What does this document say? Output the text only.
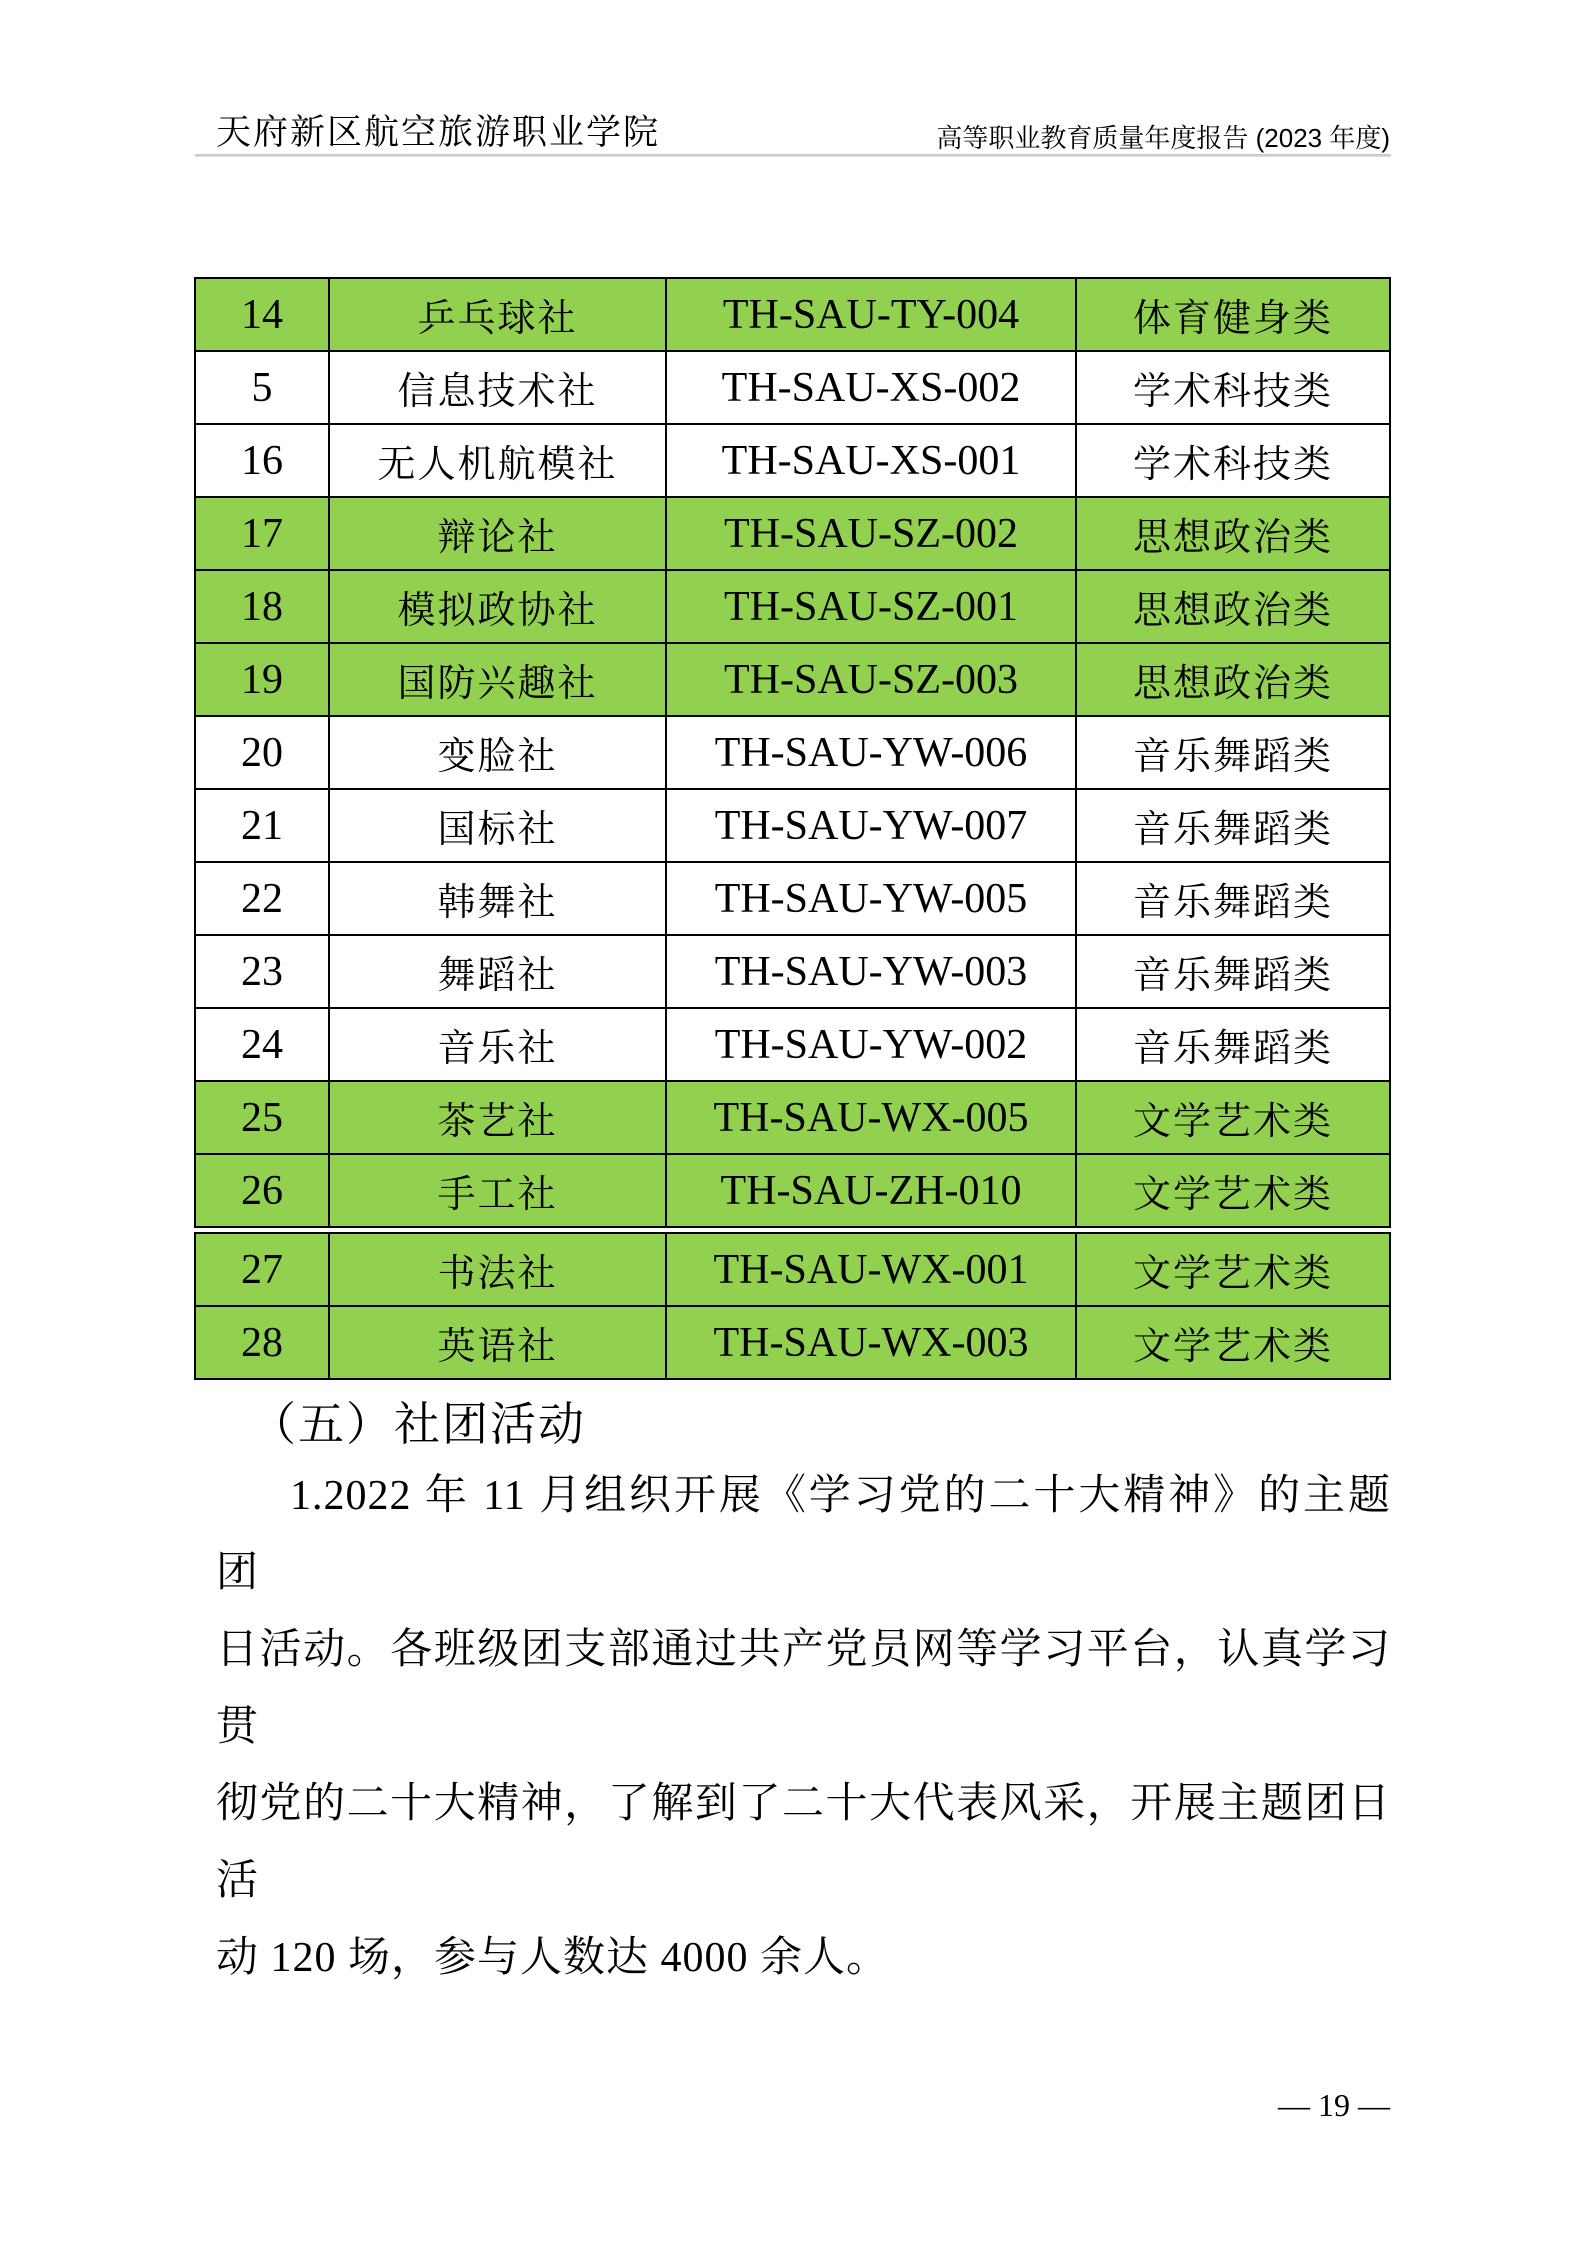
天府新区航空旅游职业学院	高等职业教育质量年度报告 (2023 年度)
14	乒乓球社	TH-SAU-TY-004	体育健身类
5	信息技术社	TH-SAU-XS-002	学术科技类
16	无人机航模社	TH-SAU-XS-001	学术科技类
17	辩论社	TH-SAU-SZ-002	思想政治类
18	模拟政协社	TH-SAU-SZ-001	思想政治类
19	国防兴趣社	TH-SAU-SZ-003	思想政治类
20	变脸社	TH-SAU-YW-006	音乐舞蹈类
21	国标社	TH-SAU-YW-007	音乐舞蹈类
22	韩舞社	TH-SAU-YW-005	音乐舞蹈类
23	舞蹈社	TH-SAU-YW-003	音乐舞蹈类
24	音乐社	TH-SAU-YW-002	音乐舞蹈类
25	茶艺社	TH-SAU-WX-005	文学艺术类
26	手工社	TH-SAU-ZH-010	文学艺术类

27	书法社	TH-SAU-WX-001	文学艺术类
28	英语社	TH-SAU-WX-003	文学艺术类
（五）社团活动
1.2022 年 11 月组织开展《学习党的二十大精神》的主题团
日活动。各班级团支部通过共产党员网等学习平台，认真学习贯
彻党的二十大精神，了解到了二十大代表风采，开展主题团日活
动 120 场，参与人数达 4000 余人。
— 19 —
